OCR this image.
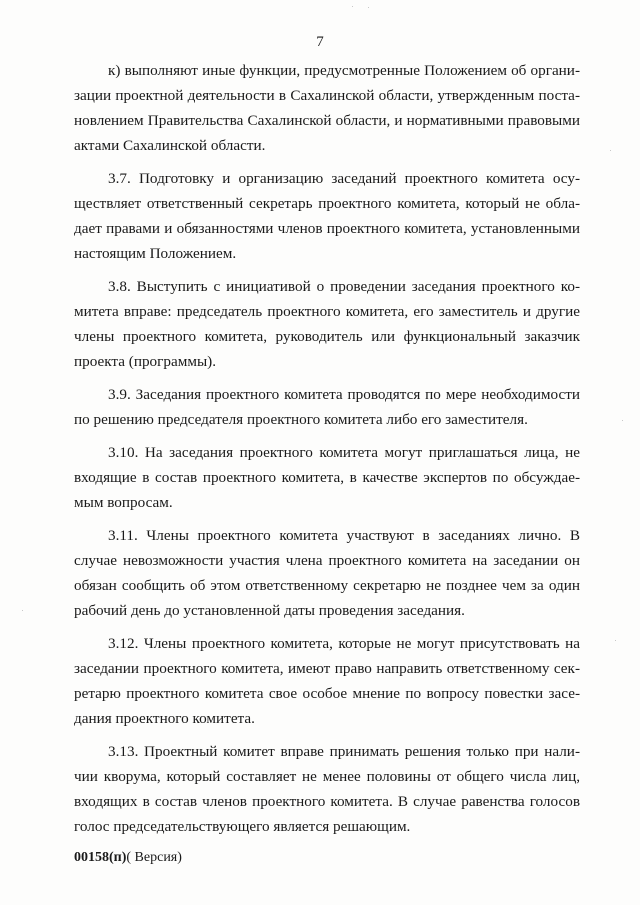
7

к) выполняют иные функции, предусмотренные Положением об организации проектной деятельности в Сахалинской области, утвержденным постановлением Правительства Сахалинской области, и нормативными правовыми актами Сахалинской области.

3.7. Подготовку и организацию заседаний проектного комитета осуществляет ответственный секретарь проектного комитета, который не обладает правами и обязанностями членов проектного комитета, установленными настоящим Положением.

3.8. Выступить с инициативой о проведении заседания проектного комитета вправе: председатель проектного комитета, его заместитель и другие члены проектного комитета, руководитель или функциональный заказчик проекта (программы).

3.9. Заседания проектного комитета проводятся по мере необходимости по решению председателя проектного комитета либо его заместителя.

3.10. На заседания проектного комитета могут приглашаться лица, не входящие в состав проектного комитета, в качестве экспертов по обсуждаемым вопросам.

3.11. Члены проектного комитета участвуют в заседаниях лично. В случае невозможности участия члена проектного комитета на заседании он обязан сообщить об этом ответственному секретарю не позднее чем за один рабочий день до установленной даты проведения заседания.

3.12. Члены проектного комитета, которые не могут присутствовать на заседании проектного комитета, имеют право направить ответственному секретарю проектного комитета свое особое мнение по вопросу повестки заседания проектного комитета.

3.13. Проектный комитет вправе принимать решения только при наличии кворума, который составляет не менее половины от общего числа лиц, входящих в состав членов проектного комитета. В случае равенства голосов голос председательствующего является решающим.

00158(п)( Версия)
